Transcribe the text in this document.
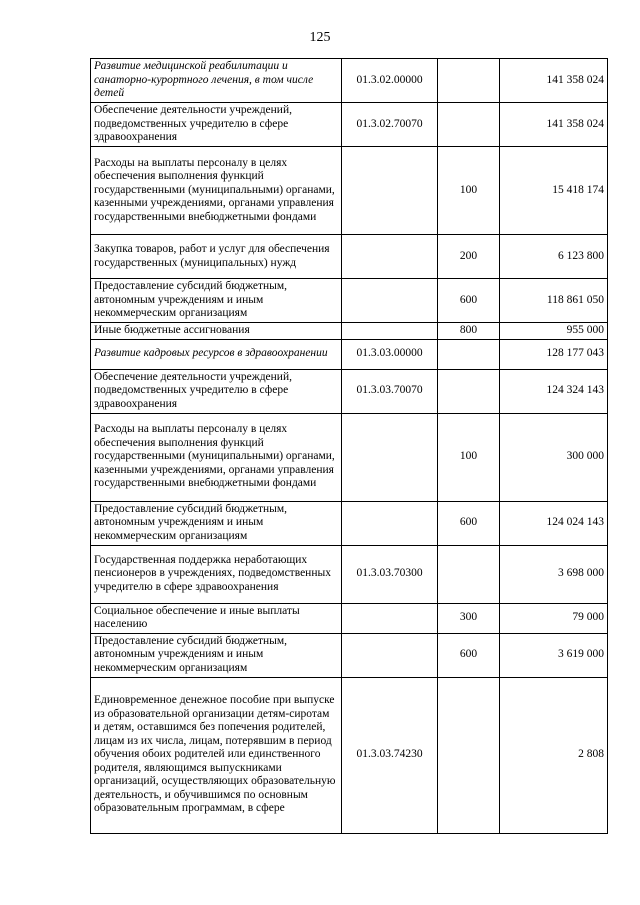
125
Развитие медицинской реабилитации и санаторно-курортного лечения, в том числе детей	01.3.02.00000		141 358 024
Обеспечение деятельности учреждений, подведомственных учредителю в сфере здравоохранения	01.3.02.70070		141 358 024
Расходы на выплаты персоналу в целях обеспечения выполнения функций государственными (муниципальными) органами, казенными учреждениями, органами управления государственными внебюджетными фондами		100	15 418 174
Закупка товаров, работ и услуг для обеспечения государственных (муниципальных) нужд		200	6 123 800
Предоставление субсидий бюджетным, автономным учреждениям и иным некоммерческим организациям		600	118 861 050
Иные бюджетные ассигнования		800	955 000
Развитие кадровых ресурсов в здравоохранении	01.3.03.00000		128 177 043
Обеспечение деятельности учреждений, подведомственных учредителю в сфере здравоохранения	01.3.03.70070		124 324 143
Расходы на выплаты персоналу в целях обеспечения выполнения функций государственными (муниципальными) органами, казенными учреждениями, органами управления государственными внебюджетными фондами		100	300 000
Предоставление субсидий бюджетным, автономным учреждениям и иным некоммерческим организациям		600	124 024 143
Государственная поддержка неработающих пенсионеров в учреждениях, подведомственных учредителю в сфере здравоохранения	01.3.03.70300		3 698 000
Социальное обеспечение и иные выплаты населению		300	79 000
Предоставление субсидий бюджетным, автономным учреждениям и иным некоммерческим организациям		600	3 619 000
Единовременное денежное пособие при выпуске из образовательной организации детям-сиротам и детям, оставшимся без попечения родителей, лицам из их числа, лицам, потерявшим в период обучения обоих родителей или единственного родителя, являющимся выпускниками организаций, осуществляющих образовательную деятельность, и обучившимся по основным образовательным программам, в сфере	01.3.03.74230		2 808
